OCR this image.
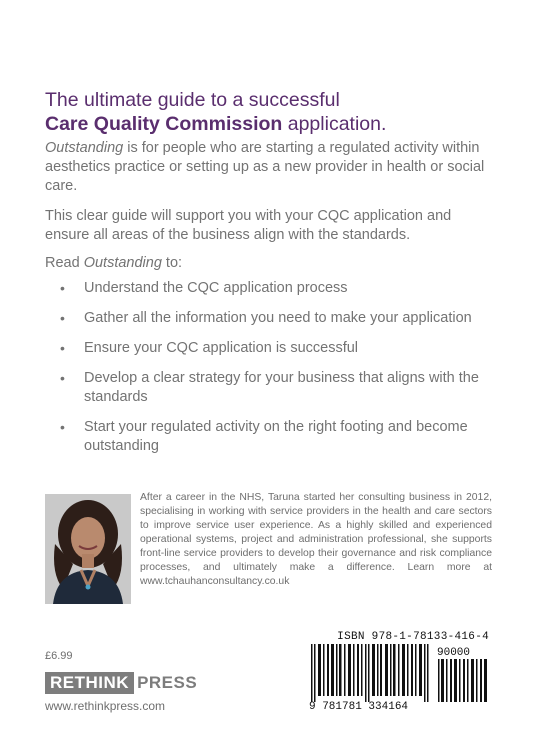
The ultimate guide to a successful
Care Quality Commission application.
Outstanding is for people who are starting a regulated activity within aesthetics practice or setting up as a new provider in health or social care.
This clear guide will support you with your CQC application and ensure all areas of the business align with the standards.
Read Outstanding to:
• Understand the CQC application process
• Gather all the information you need to make your application
• Ensure your CQC application is successful
• Develop a clear strategy for your business that aligns with the standards
• Start your regulated activity on the right footing and become outstanding
After a career in the NHS, Taruna started her consulting business in 2012, specialising in working with service providers in the health and care sectors to improve service user experience. As a highly skilled and experienced operational systems, project and administration professional, she supports front-line service providers to develop their governance and risk compliance processes, and ultimately make a difference. Learn more at www.tchauhanconsultancy.co.uk
£6.99
RETHINK PRESS
www.rethinkpress.com
ISBN 978-1-78133-416-4
90000
9 781781 334164
